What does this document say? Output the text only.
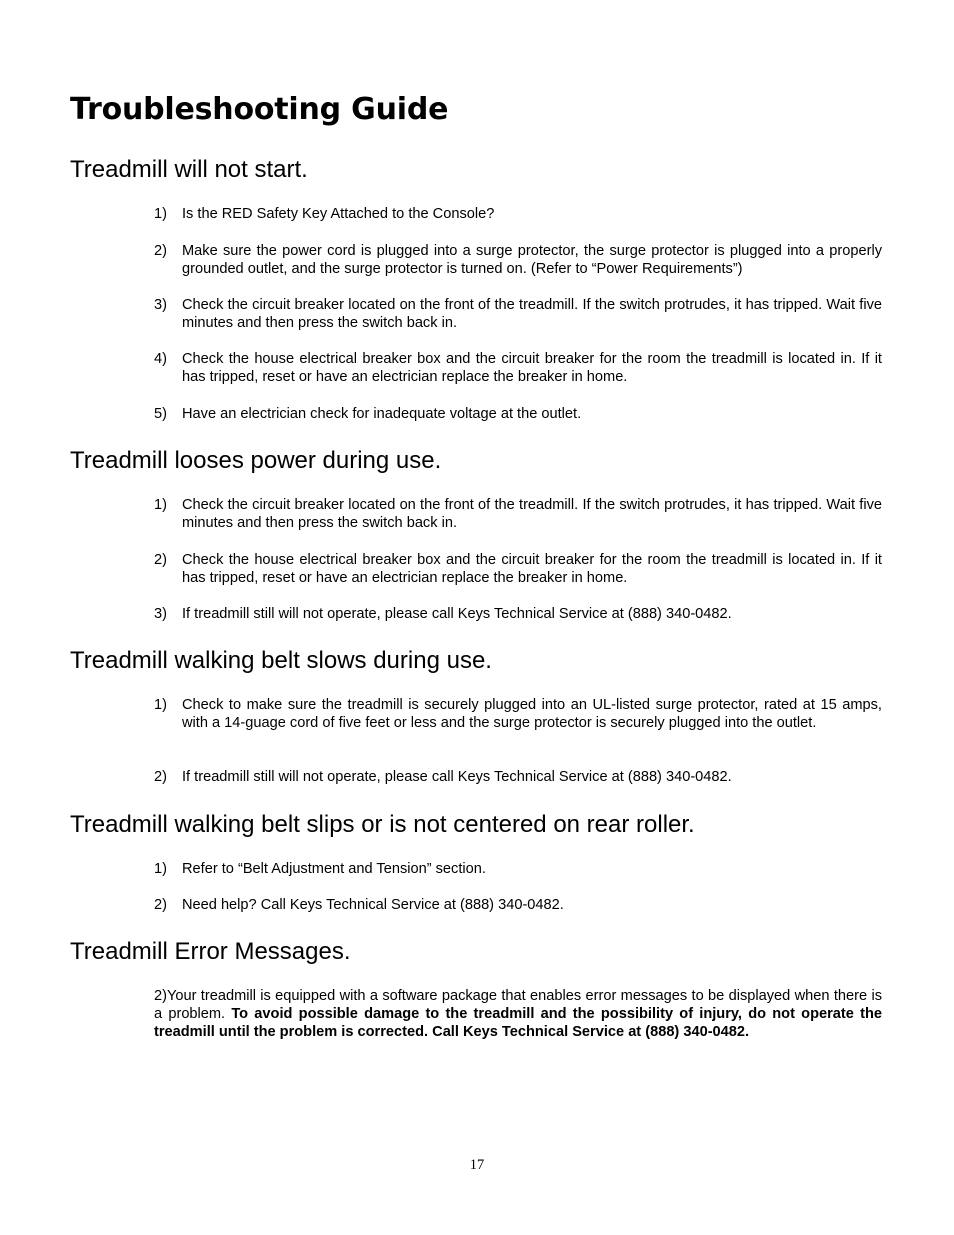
Troubleshooting Guide
Treadmill will not start.
1)	Is the RED Safety Key Attached to the Console?
2)	Make sure the power cord is plugged into a surge protector, the surge protector is plugged into a properly grounded outlet, and the surge protector is turned on. (Refer to “Power Requirements”)
3)	Check the circuit breaker located on the front of the treadmill. If the switch protrudes, it has tripped. Wait five minutes and then press the switch back in.
4)	Check the house electrical breaker box and the circuit breaker for the room the treadmill is located in. If it has tripped, reset or have an electrician replace the breaker in home.
5)	Have an electrician check for inadequate voltage at the outlet.
Treadmill looses power during use.
1)	Check the circuit breaker located on the front of the treadmill. If the switch protrudes, it has tripped. Wait five minutes and then press the switch back in.
2)	Check the house electrical breaker box and the circuit breaker for the room the treadmill is located in. If it has tripped, reset or have an electrician replace the breaker in home.
3)	If treadmill still will not operate, please call Keys Technical Service at (888) 340-0482.
Treadmill walking belt slows during use.
1)	Check to make sure the treadmill is securely plugged into an UL-listed surge protector, rated at 15 amps, with a 14-guage cord of five feet or less and the surge protector is securely plugged into the outlet.
2)	If treadmill still will not operate, please call Keys Technical Service at (888) 340-0482.
Treadmill walking belt slips or is not centered on rear roller.
1)	Refer to “Belt Adjustment and Tension” section.
2)	Need help? Call Keys Technical Service at (888) 340-0482.
Treadmill Error Messages.
2)Your treadmill is equipped with a software package that enables error messages to be displayed when there is a problem. To avoid possible damage to the treadmill and the possibility of injury, do not operate the treadmill until the problem is corrected. Call Keys Technical Service at (888) 340-0482.
17
